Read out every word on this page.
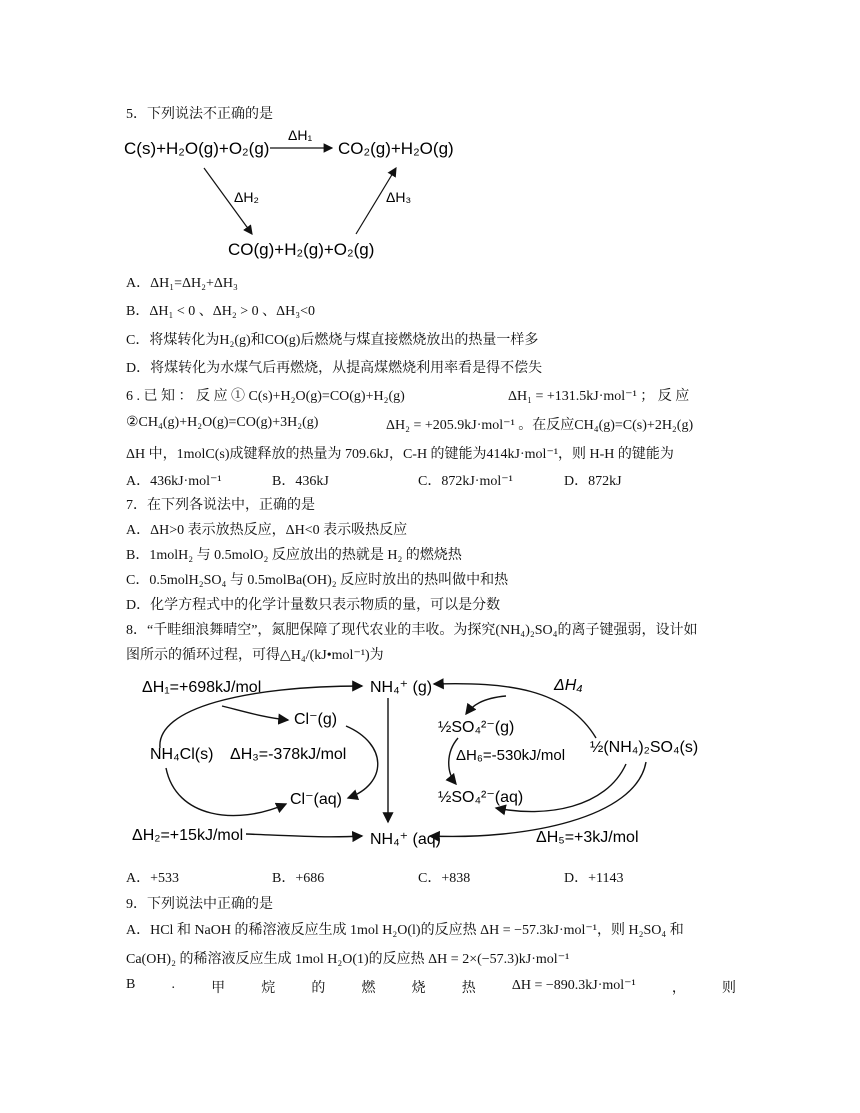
5．下列说法不正确的是
C(s)+H₂O(g)+O₂(g)	CO₂(g)+H₂O(g)
CO(g)+H₂(g)+O₂(g)
ΔH₁
ΔH₂	ΔH₃
A．ΔH₁=ΔH₂+ΔH₃
B．ΔH₁ < 0 、ΔH₂ > 0 、ΔH₃<0
C．将煤转化为H₂(g)和CO(g)后燃烧与煤直接燃烧放出的热量一样多
D．将煤转化为水煤气后再燃烧，从提高煤燃烧利用率看是得不偿失
6 . 已 知 ： 反 应 ① C(s)+H₂O(g)=CO(g)+H₂(g)	ΔH₁ = +131.5kJ·mol⁻¹ ； 反 应
②CH₄(g)+H₂O(g)=CO(g)+3H₂(g)	ΔH₂ = +205.9kJ·mol⁻¹ 。在反应CH₄(g)=C(s)+2H₂(g)
ΔH 中，1molC(s)成键释放的热量为 709.6kJ，C-H 的键能为414kJ·mol⁻¹，则 H-H 的键能为
A．436kJ·mol⁻¹	B．436kJ	C．872kJ·mol⁻¹	D．872kJ
7．在下列各说法中，正确的是
A．ΔH>0 表示放热反应，ΔH<0 表示吸热反应
B．1molH₂ 与 0.5molO₂ 反应放出的热就是 H₂ 的燃烧热
C．0.5molH₂SO₄ 与 0.5molBa(OH)₂ 反应时放出的热叫做中和热
D．化学方程式中的化学计量数只表示物质的量，可以是分数
8．“千畦细浪舞晴空”，氮肥保障了现代农业的丰收。为探究(NH₄)₂SO₄的离子键强弱，设计如
图所示的循环过程，可得△H₄/(kJ•mol⁻¹)为
ΔH₁=+698kJ/mol
NH₄Cl(s) ΔH₃=-378kJ/mol
Cl⁻(g)
Cl⁻(aq)
ΔH₂=+15kJ/mol
NH₄⁺ (g)
NH₄⁺ (aq)
ΔH₄
½SO₄²⁻(g)
ΔH₆=-530kJ/mol ½(NH₄)₂SO₄(s)
½SO₄²⁻(aq)
ΔH₅=+3kJ/mol
A．+533	B．+686	C．+838	D．+1143
9．下列说法中正确的是
A．HCl 和 NaOH 的稀溶液反应生成 1mol H₂O(l)的反应热 ΔH = −57.3kJ·mol⁻¹，则 H₂SO₄ 和
Ca(OH)₂ 的稀溶液反应生成 1mol H₂O(1)的反应热 ΔH = 2×(−57.3)kJ·mol⁻¹
B	.	甲	烷	的	燃	烧	热	ΔH = −890.3kJ·mol⁻¹	，	则
